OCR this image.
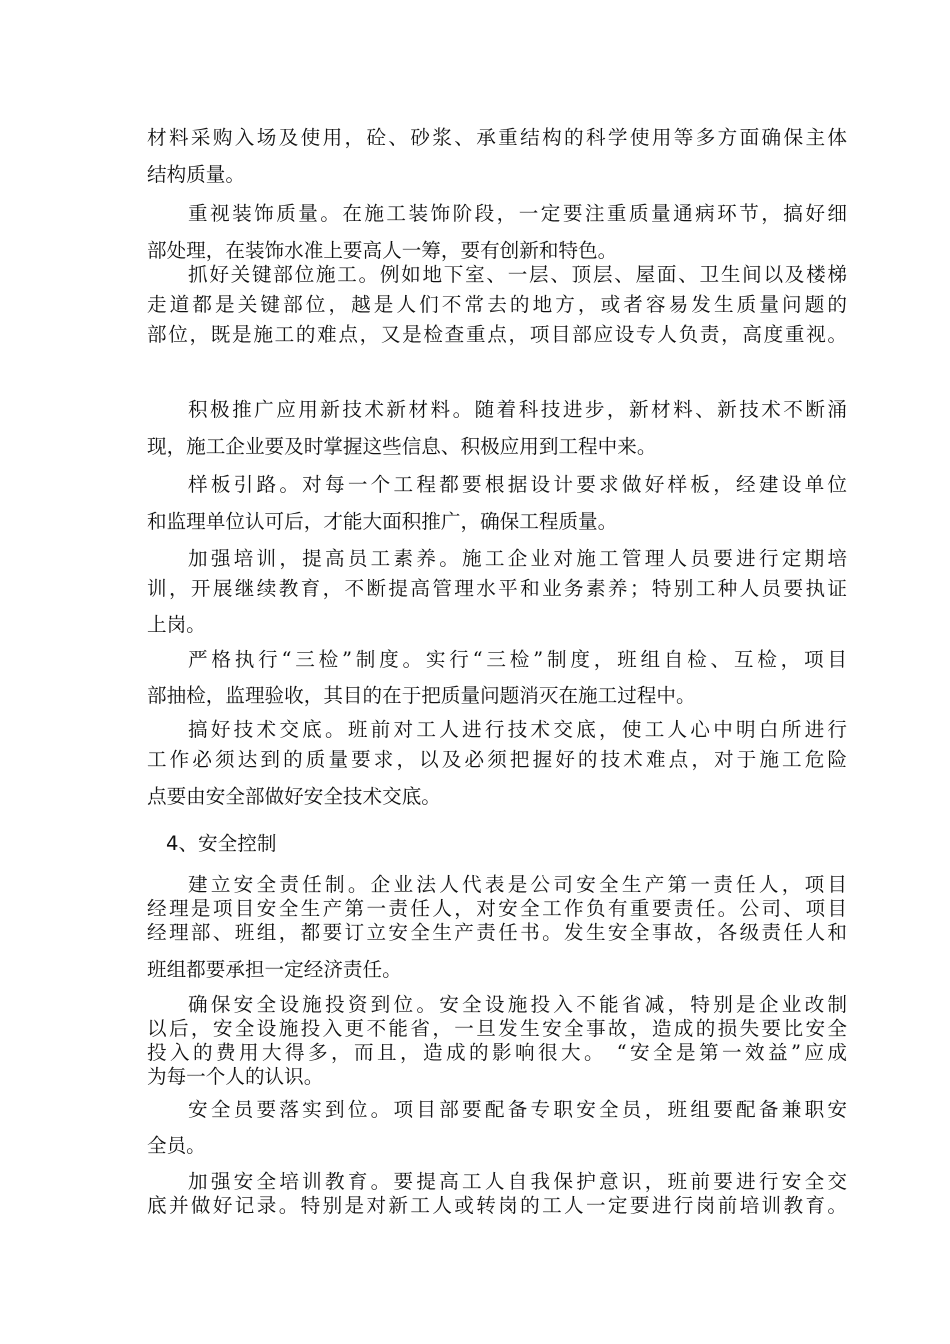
材料采购入场及使用，砼、砂浆、承重结构的科学使用等多方面确保主体
结构质量。
重视装饰质量。在施工装饰阶段，一定要注重质量通病环节，搞好细
部处理，在装饰水准上要高人一筹，要有创新和特色。
抓好关键部位施工。例如地下室、一层、顶层、屋面、卫生间以及楼梯
走道都是关键部位，越是人们不常去的地方，或者容易发生质量问题的
部位，既是施工的难点，又是检查重点，项目部应设专人负责，高度重视。
积极推广应用新技术新材料。随着科技进步，新材料、新技术不断涌
现，施工企业要及时掌握这些信息、积极应用到工程中来。
样板引路。对每一个工程都要根据设计要求做好样板，经建设单位
和监理单位认可后，才能大面积推广，确保工程质量。
加强培训，提高员工素养。施工企业对施工管理人员要进行定期培
训，开展继续教育，不断提高管理水平和业务素养；特别工种人员要执证
上岗。
严格执行“三检”制度。实行“三检”制度，班组自检、互检，项目
部抽检，监理验收，其目的在于把质量问题消灭在施工过程中。
搞好技术交底。班前对工人进行技术交底，使工人心中明白所进行
工作必须达到的质量要求，以及必须把握好的技术难点，对于施工危险
点要由安全部做好安全技术交底。
4、安全控制
建立安全责任制。企业法人代表是公司安全生产第一责任人，项目
经理是项目安全生产第一责任人，对安全工作负有重要责任。公司、项目
经理部、班组，都要订立安全生产责任书。发生安全事故，各级责任人和
班组都要承担一定经济责任。
确保安全设施投资到位。安全设施投入不能省减，特别是企业改制
以后，安全设施投入更不能省，一旦发生安全事故，造成的损失要比安全
投入的费用大得多，而且，造成的影响很大。 “安全是第一效益”应成
为每一个人的认识。
安全员要落实到位。项目部要配备专职安全员，班组要配备兼职安
全员。
加强安全培训教育。要提高工人自我保护意识，班前要进行安全交
底并做好记录。特别是对新工人或转岗的工人一定要进行岗前培训教育。
